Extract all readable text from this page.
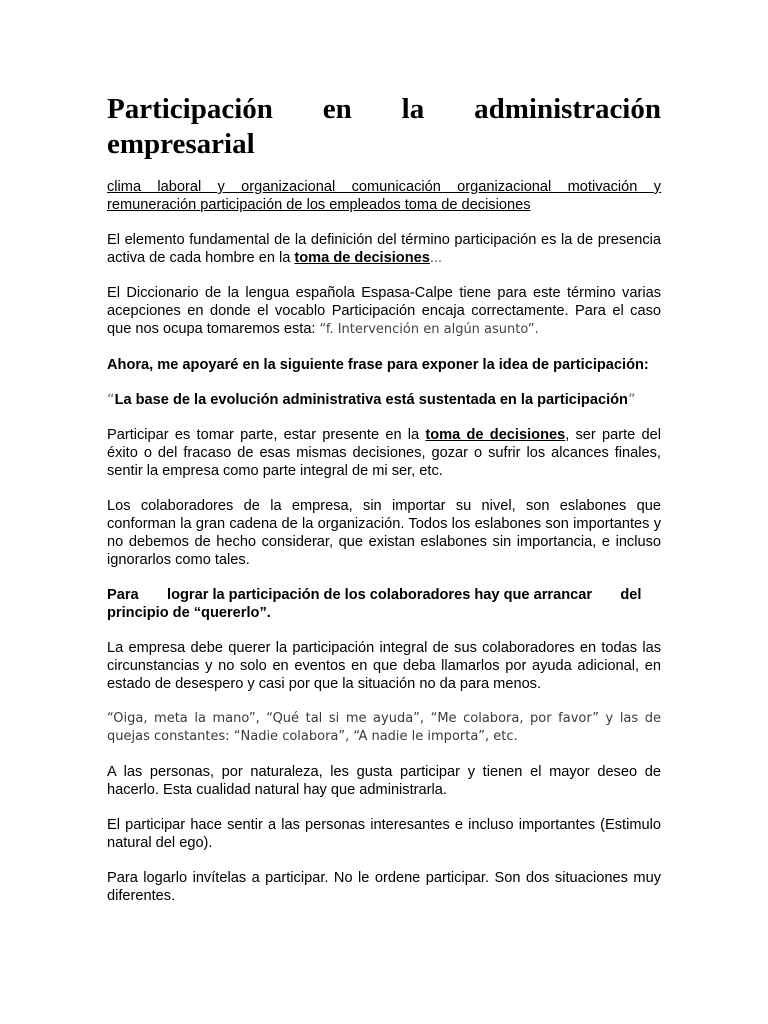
Participación en la administración
empresarial

clima laboral y organizacional comunicación organizacional motivación y remuneración participación de los empleados toma de decisiones

El elemento fundamental de la definición del término participación es la de presencia activa de cada hombre en la toma de decisiones...

El Diccionario de la lengua española Espasa-Calpe tiene para este término varias acepciones en donde el vocablo Participación encaja correctamente. Para el caso que nos ocupa tomaremos esta: “f. Intervención en algún asunto”.

Ahora, me apoyaré en la siguiente frase para exponer la idea de participación:

“La base de la evolución administrativa está sustentada en la participación”

Participar es tomar parte, estar presente en la toma de decisiones, ser parte del éxito o del fracaso de esas mismas decisiones, gozar o sufrir los alcances finales, sentir la empresa como parte integral de mi ser, etc.

Los colaboradores de la empresa, sin importar su nivel, son eslabones que conforman la gran cadena de la organización. Todos los eslabones son importantes y no debemos de hecho considerar, que existan eslabones sin importancia, e incluso ignorarlos como tales.

Para       lograr la participación de los colaboradores hay que arrancar       del
principio de “quererlo”.

La empresa debe querer la participación integral de sus colaboradores en todas las circunstancias y no solo en eventos en que deba llamarlos por ayuda adicional, en estado de desespero y casi por que la situación no da para menos.

“Oiga, meta la mano”, “Qué tal si me ayuda”, “Me colabora, por favor” y las de quejas constantes: “Nadie colabora”, “A nadie le importa”, etc.

A las personas, por naturaleza, les gusta participar y tienen el mayor deseo de hacerlo. Esta cualidad natural hay que administrarla.

El participar hace sentir a las personas interesantes e incluso importantes (Estimulo natural del ego).

Para logarlo invítelas a participar. No le ordene participar. Son dos situaciones muy diferentes.
